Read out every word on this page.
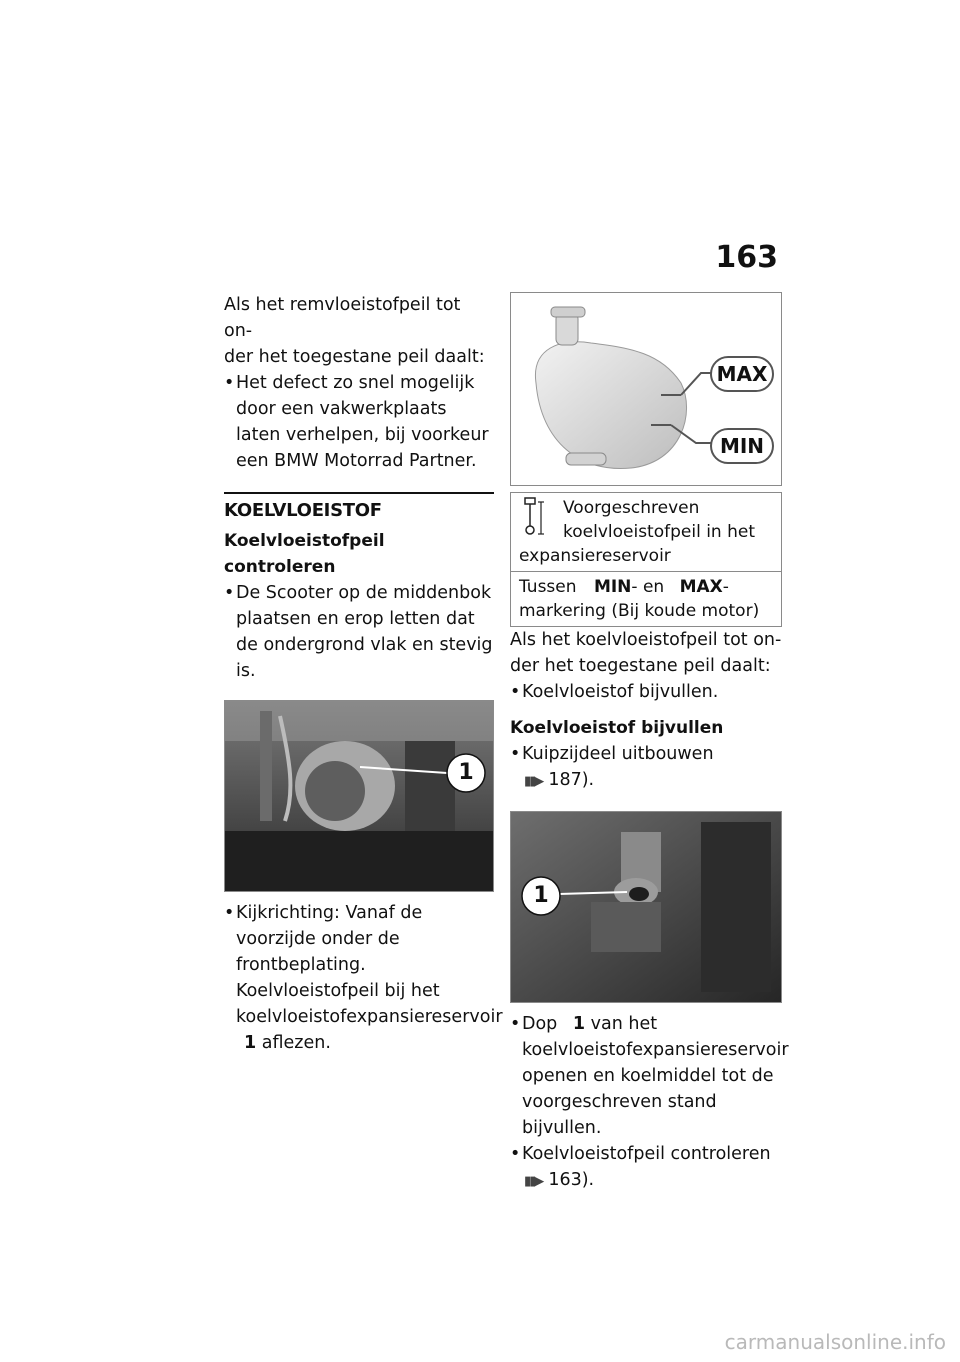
163

Als het remvloeistofpeil tot on-
der het toegestane peil daalt:

• Het defect zo snel mogelijk door een vakwerkplaats laten verhelpen, bij voorkeur een BMW Motorrad Partner.

KOELVLOEISTOF
Koelvloeistofpeil controleren

• De Scooter op de middenbok plaatsen en erop letten dat de ondergrond vlak en stevig is.

1

• Kijkrichting: Vanaf de voorzijde onder de frontbeplating. Koelvloeistofpeil bij het koelvloeistofexpansiereservoir 1 aflezen.

MAX
MIN
Voorgeschreven koelvloeistofpeil in het expansiereservoir
Tussen MIN- en MAX-markering (Bij koude motor)

Als het koelvloeistofpeil tot on-
der het toegestane peil daalt:

• Koelvloeistof bijvullen.

Koelvloeistof bijvullen

• Kuipzijdeel uitbouwen
▮▮▶ 187).

1

• Dop 1 van het koelvloeistofexpansiereservoir openen en koelmiddel tot de voorgeschreven stand bijvullen.

• Koelvloeistofpeil controleren
▮▮▶ 163).

carmanualsonline.info
